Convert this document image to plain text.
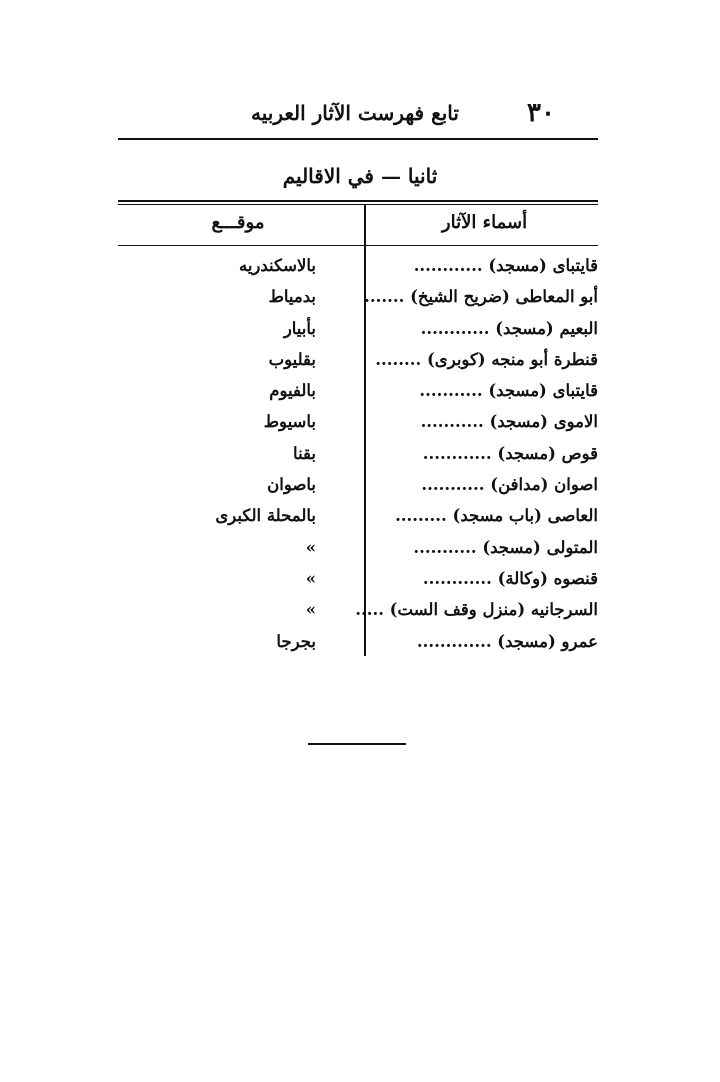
٣٠
تابع فهرست الآثار العربيه
ثانيا — في الاقاليم
أسماء الآثار
موقـــع
قايتباى (مسجد) ............
بالاسكندريه
أبو المعاطى (ضريح الشيخ) .......
بدمياط
البعيم (مسجد) ............
بأبيار
قنطرة أبو منجه (كوبرى) ........
بقليوب
قايتباى (مسجد) ...........
بالفيوم
الاموى (مسجد) ...........
باسيوط
قوص (مسجد) ............
بقنا
اصوان (مدافن) ...........
باصوان
العاصى (باب مسجد) .........
بالمحلة الكبرى
المتولى (مسجد) ...........
»
قنصوه (وكالة) ............
»
السرجانيه (منزل وقف الست) .....
»
عمرو (مسجد) .............
بجرجا
